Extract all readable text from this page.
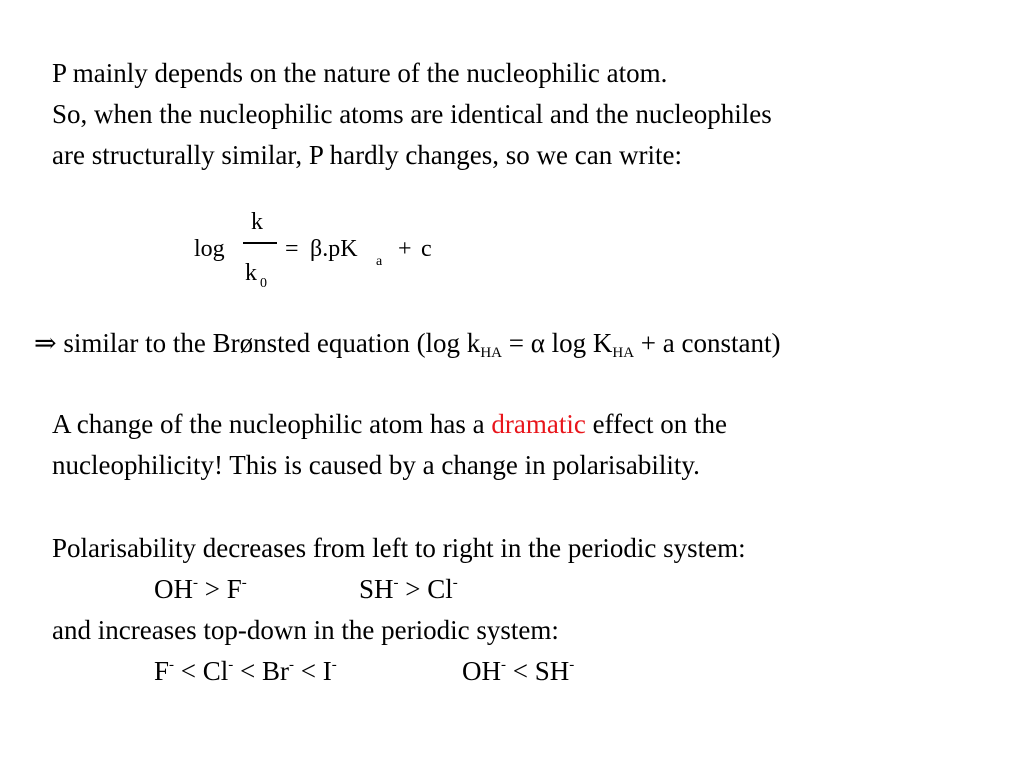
P mainly depends on the nature of the nucleophilic atom.
So, when the nucleophilic atoms are identical and the nucleophiles
are structurally similar, P hardly changes, so we can write:
log
k
k 0
= β.pK a + c
⇒ similar to the Brønsted equation (log $k_{HA} = \alpha$ $\log K_{HA} + a$ constant)
A change of the nucleophilic atom has a dramatic effect on the
nucleophilicity! This is caused by a change in polarisability.
Polarisability decreases from left to right in the periodic system:
OH- > F-	SH- > Cl-
and increases top-down in the periodic system:
F- < Cl- < Br- < I-	OH- < SH-
